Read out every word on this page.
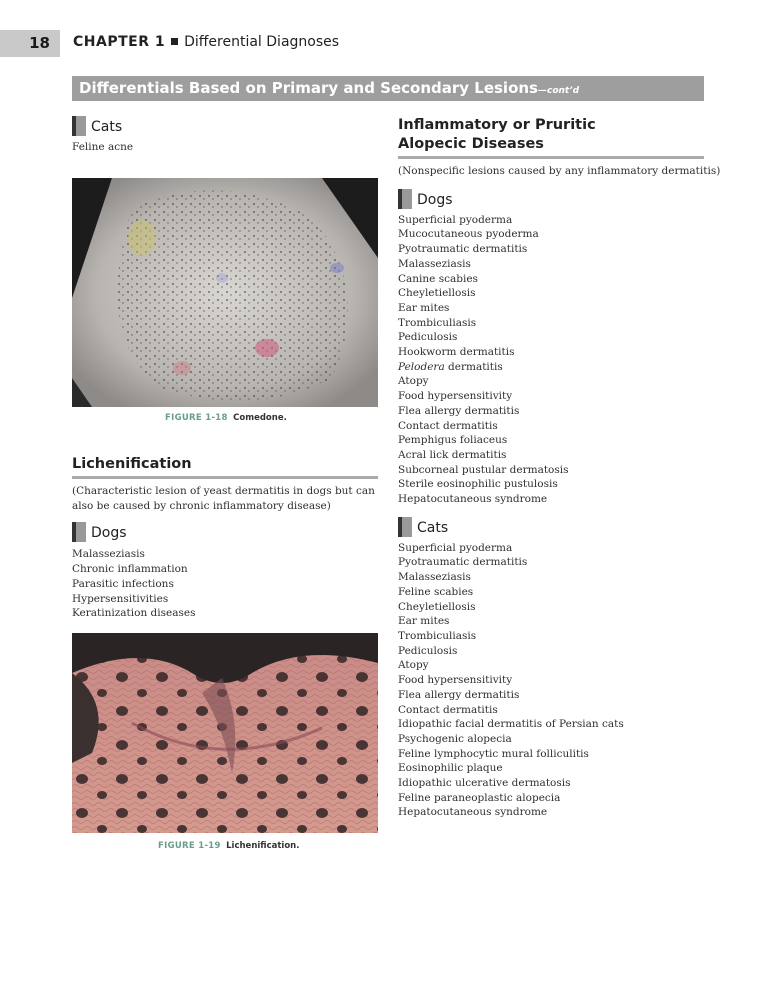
18	CHAPTER 1 Differential Diagnoses
Differentials Based on Primary and Secondary Lesions—cont’d
Cats
Feline acne
FIGURE 1-18 Comedone.
Lichenification
(Characteristic lesion of yeast dermatitis in dogs but can also be caused by chronic inflammatory disease)
Dogs
Malasseziasis
Chronic inflammation
Parasitic infections
Hypersensitivities
Keratinization diseases
FIGURE 1-19 Lichenification.
Inflammatory or Pruritic
Alopecic Diseases
(Nonspecific lesions caused by any inflammatory dermatitis)
Dogs
Superficial pyoderma
Mucocutaneous pyoderma
Pyotraumatic dermatitis
Malasseziasis
Canine scabies
Cheyletiellosis
Ear mites
Trombiculiasis
Pediculosis
Hookworm dermatitis
Pelodera dermatitis
Atopy
Food hypersensitivity
Flea allergy dermatitis
Contact dermatitis
Pemphigus foliaceus
Acral lick dermatitis
Subcorneal pustular dermatosis
Sterile eosinophilic pustulosis
Hepatocutaneous syndrome
Cats
Superficial pyoderma
Pyotraumatic dermatitis
Malasseziasis
Feline scabies
Cheyletiellosis
Ear mites
Trombiculiasis
Pediculosis
Atopy
Food hypersensitivity
Flea allergy dermatitis
Contact dermatitis
Idiopathic facial dermatitis of Persian cats
Psychogenic alopecia
Feline lymphocytic mural folliculitis
Eosinophilic plaque
Idiopathic ulcerative dermatosis
Feline paraneoplastic alopecia
Hepatocutaneous syndrome
